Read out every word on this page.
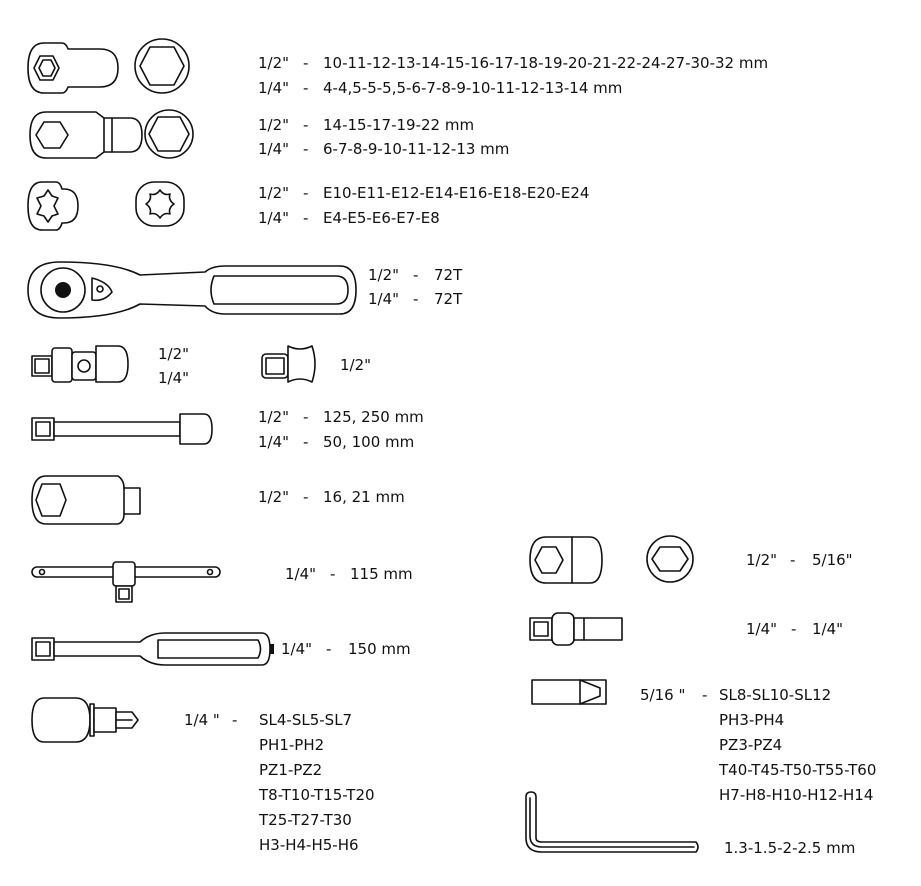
1/2" - 10-11-12-13-14-15-16-17-18-19-20-21-22-24-27-30-32 mm
1/4" - 4-4,5-5-5,5-6-7-8-9-10-11-12-13-14 mm
1/2" - 14-15-17-19-22 mm
1/4" - 6-7-8-9-10-11-12-13 mm
1/2" - E10-E11-E12-E14-E16-E18-E20-E24
1/4" - E4-E5-E6-E7-E8
1/2" - 72T
1/4" - 72T
1/2"
1/4"
1/2"
1/2" - 125, 250 mm
1/4" - 50, 100 mm
1/2" - 16, 21 mm
1/4" - 115 mm
1/4" - 150 mm
1/4 " - SL4-SL5-SL7
PH1-PH2
PZ1-PZ2
T8-T10-T15-T20
T25-T27-T30
H3-H4-H5-H6
1/2" - 5/16"
1/4" - 1/4"
5/16 " - SL8-SL10-SL12
PH3-PH4
PZ3-PZ4
T40-T45-T50-T55-T60
H7-H8-H10-H12-H14
1.3-1.5-2-2.5 mm
